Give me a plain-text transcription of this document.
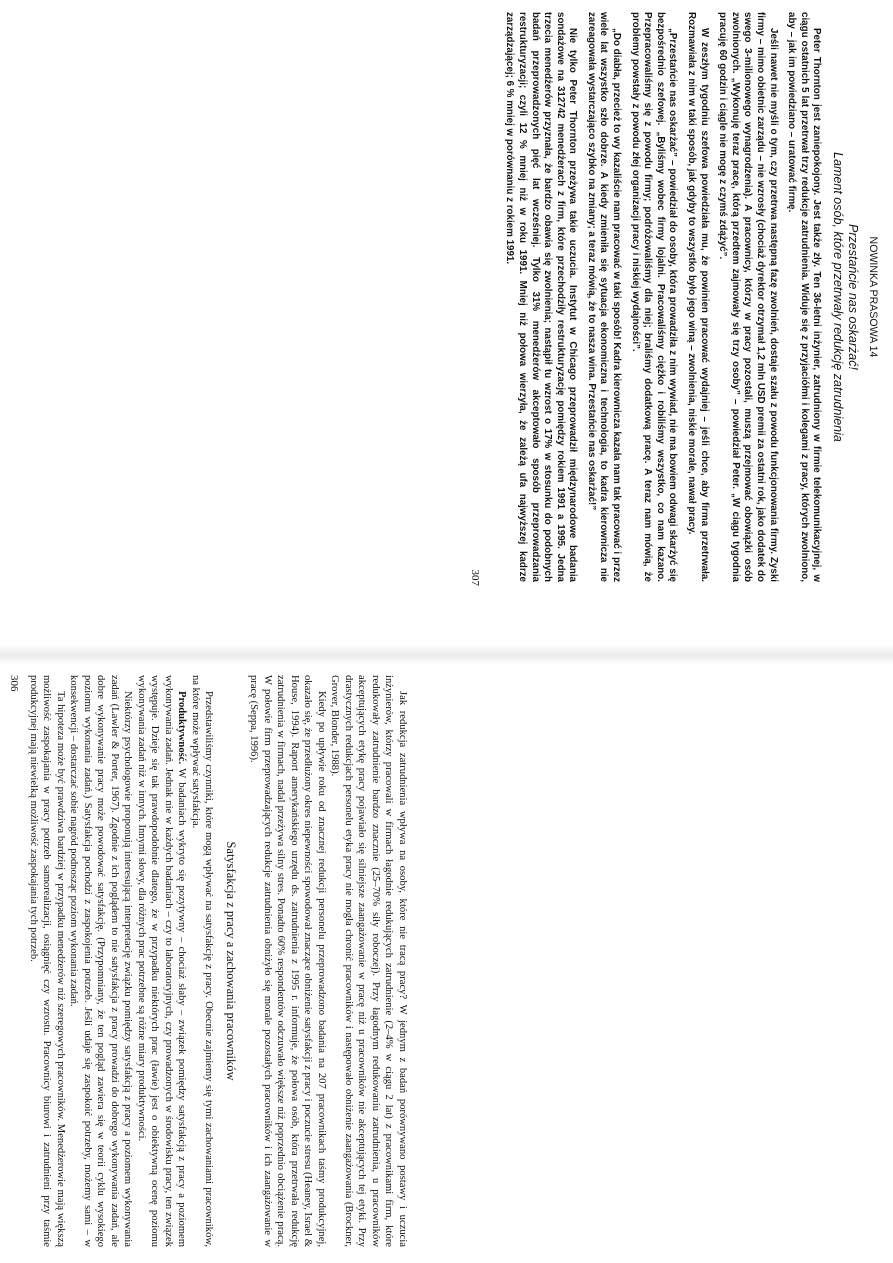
Jak redukcja zatrudnienia wpływa na osoby, które nie tracą pracy? W jednym z badań porównywano postawy i uczucia inżynierów, którzy pracowali w firmach łagodnie redukujących zatrudnienie (2–4% w ciągu 2 lat) z pracownikami firm, które redukowały zatrudnienie bardzo znacznie (25–70% siły roboczej). Przy łagodnym redukowaniu zatrudnienia, u pracowników akceptujących etykę pracy pojawiało się silniejsze zaangażowanie w pracę niż u pracowników nie akceptujących tej etyki. Przy drastycznych redukcjach personelu etyka pracy nie mogła chronić pracowników i następowało obniżenie zaangażowania (Brockner, Grover, Blonder, 1988).

Kiedy po upływie roku od znacznej redukcji personelu przeprowadzono badania na 207 pracownikach taśmy produkcyjnej, okazało się, że przedłużony okres niepewności spowodował znaczące obniżenie satysfakcji z pracy i poczucie stresu (Heaney, Israel & House, 1994). Raport amerykańskiego urzędu ds. zatrudnienia z 1995 r. informuje, że połowa osób, która przetrwała redukcję zatrudnienia w firmach, nadal przeżywa silny stres. Ponadto 60% respondentów odczuwało większe niż poprzednio obciążenie pracą. W połowie firm przeprowadzających redukcje zatrudnienia obniżyło się morale pozostałych pracowników i ich zaangażowanie w pracę (Seppa, 1996).

Satysfakcja z pracy a zachowania pracowników

Przedstawiliśmy czynniki, które mogą wpływać na satysfakcję z pracy. Obecnie zajmiemy się tymi zachowaniami pracowników, na które może wpływać satysfakcja.

Produktywność. W badaniach wykryto się pozytywny – chociaż słaby – związek pomiędzy satysfakcją z pracy a poziomem wykonywania zadań. Jednak nie w każdych badaniach – czy to laboratoryjnych, czy prowadzonych w środowisku pracy, ten związek występuje. Dzieje się tak prawdopodobnie dlatego, że w przypadku niektórych prac (ławie) jest o obiektywną ocenę poziomu wykonywania zadań niż w innych. Innymi słowy, dla różnych prac potrzebne są różne miary produktywności.

Niektórzy psychologowie proponują interesującą interpretację związku pomiędzy satysfakcją z pracy a poziomem wykonywania zadań (Lawler & Porter, 1967). Zgodnie z ich poglądem to nie satysfakcja z pracy prowadzi do dobrego wykonywania zadań, ale dobre wykonywanie pracy może powodować satysfakcję. (Przypomniany, że ten pogląd zawiera się w teorii cyklu wysokiego poziomu wykonania zadań.) Satysfakcja pochodzi z zaspokojenia potrzeb. Jeśli udaje się zaspokoić potrzeby, możemy sami – w konsekwencji – dostarczać sobie nagród podnosząc poziom wykonania zadań.

Ta hipoteza może być prawdziwa bardziej w przypadku menedżerów niż szeregowych pracowników. Menedżerowie mają większą możliwość zaspokajania w pracy potrzeb samorealizacji, osiągnięć czy wzrostu. Pracownicy biurowi i zatrudnieni przy taśmie produkcyjnej mają niewielką możliwość zaspokajania tych potrzeb.

306
NOWINKA PRASOWA 14
Przestańcie nas oskarżać!
Lament osób, które przetrwały redukcję zatrudnienia

Peter Thornton jest zaniepokojony. Jest także zły. Ten 36-letni inżynier, zatrudniony w firmie telekomunikacyjnej, w ciągu ostatnich 5 lat przetrwał trzy redukcje zatrudnienia. Widuje się z przyjaciółmi i kolegami z pracy, których zwolniono, aby – jak im powiedziano – uratować firmę.

Jeśli nawet nie myśli o tym, czy przetrwa następną fazę zwolnień, dostaje szału z powodu funkcjonowania firmy. Zyski firmy – mimo obietnic zarządu – nie wzrosły (chociaż dyrektor otrzymał 1,2 mln USD premii za ostatni rok, jako dodatek do swego 3-milionowego wynagrodzenia). A pracownicy, którzy w pracy pozostali, muszą przejmować obowiązki osób zwolnionych. „Wykonuję teraz pracę, którą przedtem zajmowały się trzy osoby” – powiedział Peter. „W ciągu tygodnia pracuję 60 godzin i ciągle nie mogę z czymś zdążyć”.

W zeszłym tygodniu szefowa powiedziała mu, że powinien pracować wydajniej – jeśli chce, aby firma przetrwała. Rozmawiała z nim w taki sposób, jak gdyby to wszystko było jego winą – zwolnienia, niskie morale, nawał pracy.

„Przestańcie nas oskarżać” – powiedział do osoby, która prowadziła z nim wywiad, nie ma bowiem odwagi skarżyć się bezpośrednio szefowej. „Byliśmy wobec firmy lojalni. Pracowaliśmy ciężko i robiliśmy wszystko, co nam kazano. Przepracowaliśmy się z powodu firmy; podróżowaliśmy dla niej; braliśmy dodatkową pracę. A teraz nam mówią, że problemy powstały z powodu złej organizacji pracy i niskiej wydajności”.

„Do diabła, przecież to wy kazaliście nam pracować w taki sposób! Kadra kierownicza kazała nam tak pracować i przez wiele lat wszystko szło dobrze. A kiedy zmieniła się sytuacja ekonomiczna i technologia, to kadra kierownicza nie zareagowała wystarczająco szybko na zmiany; a teraz mówią, że to nasza wina. Przestańcie nas oskarżać!”

Nie tylko Peter Thornton przeżywa takie uczucia. Instytut w Chicago przeprowadził międzynarodowe badania sondażowe na 312742 menedżerach z firm, które przechodziły restrukturyzację pomiędzy rokiem 1991 a 1995. Jedna trzecia menedżerów przyznała, że bardzo obawia się zwolnienia; nastąpił tu wzrost o 17% w stosunku do podobnych badań przeprowadzonych pięć lat wcześniej. Tylko 31% menedżerów akceptowało sposób przeprowadzania restrukturyzacji; czyli 12 % mniej niż w roku 1991. Mniej niż połowa wierzyła, że zależą ufa najwyższej kadrze zarządzającej; 6 % mniej w porównaniu z rokiem 1991.

307
